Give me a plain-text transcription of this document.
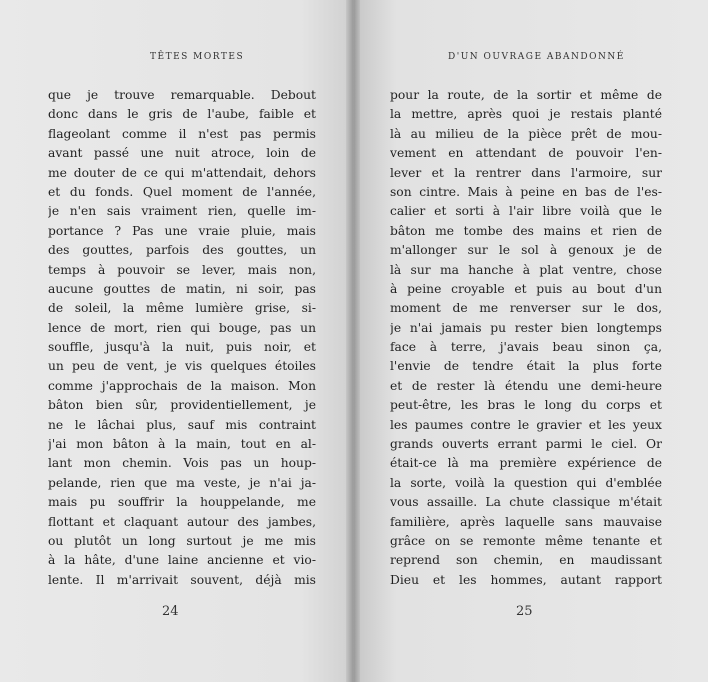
TÊTES MORTES
que je trouve remarquable. Debout
donc dans le gris de l'aube, faible et
flageolant comme il n'est pas permis
avant passé une nuit atroce, loin de
me douter de ce qui m'attendait, dehors
et du fonds. Quel moment de l'année,
je n'en sais vraiment rien, quelle im-
portance ? Pas une vraie pluie, mais
des gouttes, parfois des gouttes, un
temps à pouvoir se lever, mais non,
aucune gouttes de matin, ni soir, pas
de soleil, la même lumière grise, si-
lence de mort, rien qui bouge, pas un
souffle, jusqu'à la nuit, puis noir, et
un peu de vent, je vis quelques étoiles
comme j'approchais de la maison. Mon
bâton bien sûr, providentiellement, je
ne le lâchai plus, sauf mis contraint
j'ai mon bâton à la main, tout en al-
lant mon chemin. Vois pas un houp-
pelande, rien que ma veste, je n'ai ja-
mais pu souffrir la houppelande, me
flottant et claquant autour des jambes,
ou plutôt un long surtout je me mis
à la hâte, d'une laine ancienne et vio-
lente. Il m'arrivait souvent, déjà mis
24
D'UN OUVRAGE ABANDONNÉ
pour la route, de la sortir et même de
la mettre, après quoi je restais planté
là au milieu de la pièce prêt de mou-
vement en attendant de pouvoir l'en-
lever et la rentrer dans l'armoire, sur
son cintre. Mais à peine en bas de l'es-
calier et sorti à l'air libre voilà que le
bâton me tombe des mains et rien de
m'allonger sur le sol à genoux je de
là sur ma hanche à plat ventre, chose
à peine croyable et puis au bout d'un
moment de me renverser sur le dos,
je n'ai jamais pu rester bien longtemps
face à terre, j'avais beau sinon ça,
l'envie de tendre était la plus forte
et de rester là étendu une demi-heure
peut-être, les bras le long du corps et
les paumes contre le gravier et les yeux
grands ouverts errant parmi le ciel. Or
était-ce là ma première expérience de
la sorte, voilà la question qui d'emblée
vous assaille. La chute classique m'était
familière, après laquelle sans mauvaise
grâce on se remonte même tenante et
reprend son chemin, en maudissant
Dieu et les hommes, autant rapport
25
